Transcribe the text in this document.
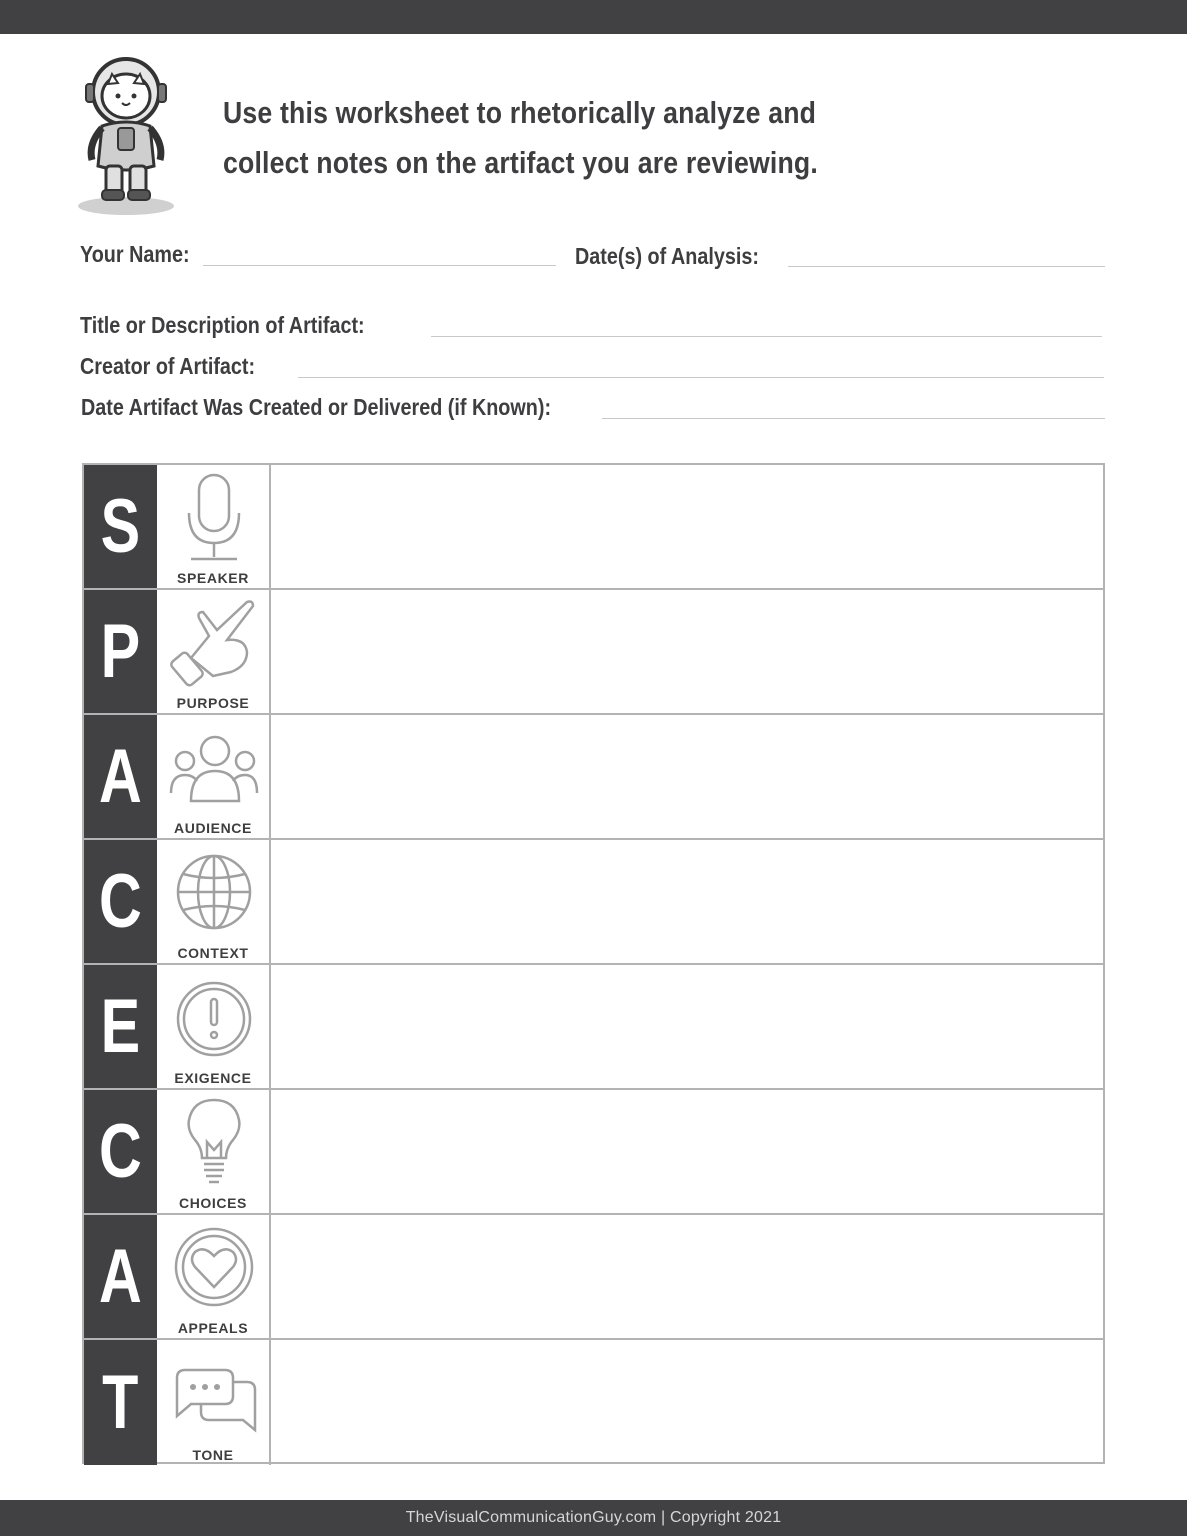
Use this worksheet to rhetorically analyze and
collect notes on the artifact you are reviewing.
Your Name:	Date(s) of Analysis:
Title or Description of Artifact:
Creator of Artifact:
Date Artifact Was Created or Delivered (if Known):
S
SPEAKER
P
PURPOSE
A
AUDIENCE
C
CONTEXT
E
EXIGENCE
C
CHOICES
A
APPEALS
T
TONE
TheVisualCommunicationGuy.com | Copyright 2021
